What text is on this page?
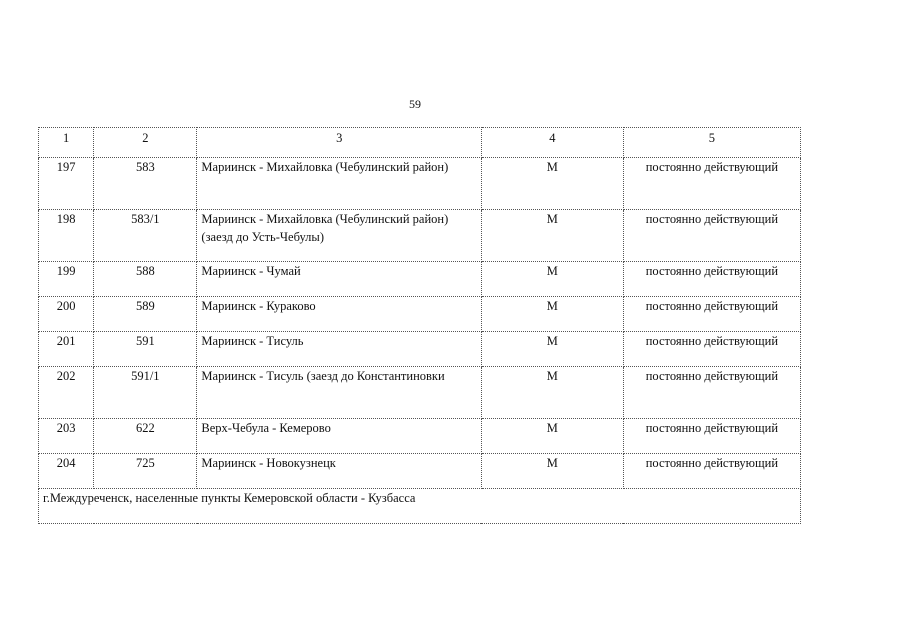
59
1	2	3	4	5
197	583	Мариинск - Михайловка (Чебулинский район)	М	постоянно действующий
198	583/1	Мариинск - Михайловка (Чебулинский район) (заезд до Усть-Чебулы)	М	постоянно действующий
199	588	Мариинск - Чумай	М	постоянно действующий
200	589	Мариинск - Кураково	М	постоянно действующий
201	591	Мариинск - Тисуль	М	постоянно действующий
202	591/1	Мариинск - Тисуль (заезд до Константиновки	М	постоянно действующий
203	622	Верх-Чебула - Кемерово	М	постоянно действующий
204	725	Мариинск - Новокузнецк	М	постоянно действующий
г.Междуреченск, населенные пункты Кемеровской области - Кузбасса				
